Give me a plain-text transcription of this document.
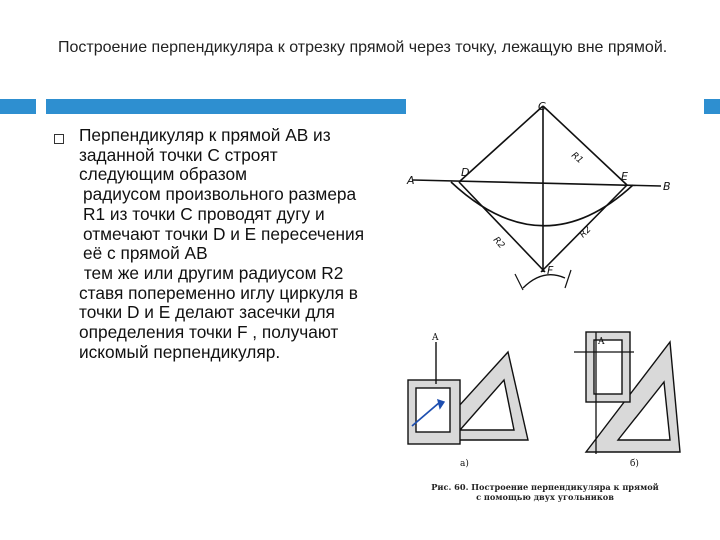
Построение перпендикуляра к отрезку прямой через точку, лежащую вне прямой.

Перпендикуляр к прямой АВ из заданной точки С строят следующим образом

радиусом произвольного размера R1 из точки С проводят дугу и отмечают точки D и E пересечения её с прямой АВ

тем же или другим радиусом R2 ставя попеременно иглу циркуля в точки D и E делают засечки для определения точки F , получают искомый перпендикуляр.

C
A
D	E
B
F
R1
R2
R2
A	A
а)	б)
Рис. 60. Построение перпендикуляра к прямой
с помощью двух угольников
